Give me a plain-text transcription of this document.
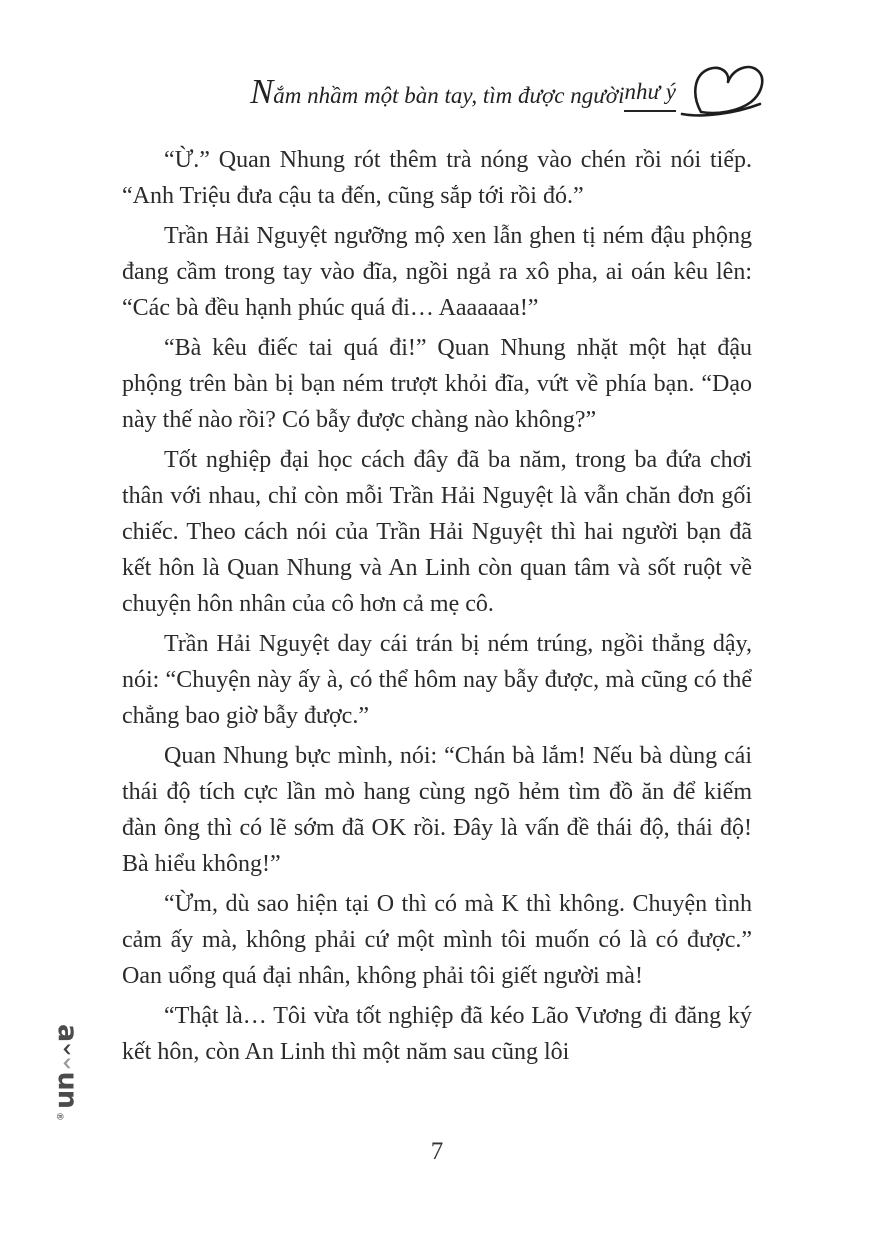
Nắm nhầm một bàn tay, tìm được người như ý

“Ừ.” Quan Nhung rót thêm trà nóng vào chén rồi nói tiếp. “Anh Triệu đưa cậu ta đến, cũng sắp tới rồi đó.”

Trần Hải Nguyệt ngưỡng mộ xen lẫn ghen tị ném đậu phộng đang cầm trong tay vào đĩa, ngồi ngả ra xô pha, ai oán kêu lên: “Các bà đều hạnh phúc quá đi… Aaaaaaa!”

“Bà kêu điếc tai quá đi!” Quan Nhung nhặt một hạt đậu phộng trên bàn bị bạn ném trượt khỏi đĩa, vứt về phía bạn. “Dạo này thế nào rồi? Có bẫy được chàng nào không?”

Tốt nghiệp đại học cách đây đã ba năm, trong ba đứa chơi thân với nhau, chỉ còn mỗi Trần Hải Nguyệt là vẫn chăn đơn gối chiếc. Theo cách nói của Trần Hải Nguyệt thì hai người bạn đã kết hôn là Quan Nhung và An Linh còn quan tâm và sốt ruột về chuyện hôn nhân của cô hơn cả mẹ cô.

Trần Hải Nguyệt day cái trán bị ném trúng, ngồi thẳng dậy, nói: “Chuyện này ấy à, có thể hôm nay bẫy được, mà cũng có thể chẳng bao giờ bẫy được.”

Quan Nhung bực mình, nói: “Chán bà lắm! Nếu bà dùng cái thái độ tích cực lần mò hang cùng ngõ hẻm tìm đồ ăn để kiếm đàn ông thì có lẽ sớm đã OK rồi. Đây là vấn đề thái độ, thái độ! Bà hiểu không!”

“Ừm, dù sao hiện tại O thì có mà K thì không. Chuyện tình cảm ấy mà, không phải cứ một mình tôi muốn có là có được.” Oan uổng quá đại nhân, không phải tôi giết người mà!

“Thật là… Tôi vừa tốt nghiệp đã kéo Lão Vương đi đăng ký kết hôn, còn An Linh thì một năm sau cũng lôi

7
a
un
®
